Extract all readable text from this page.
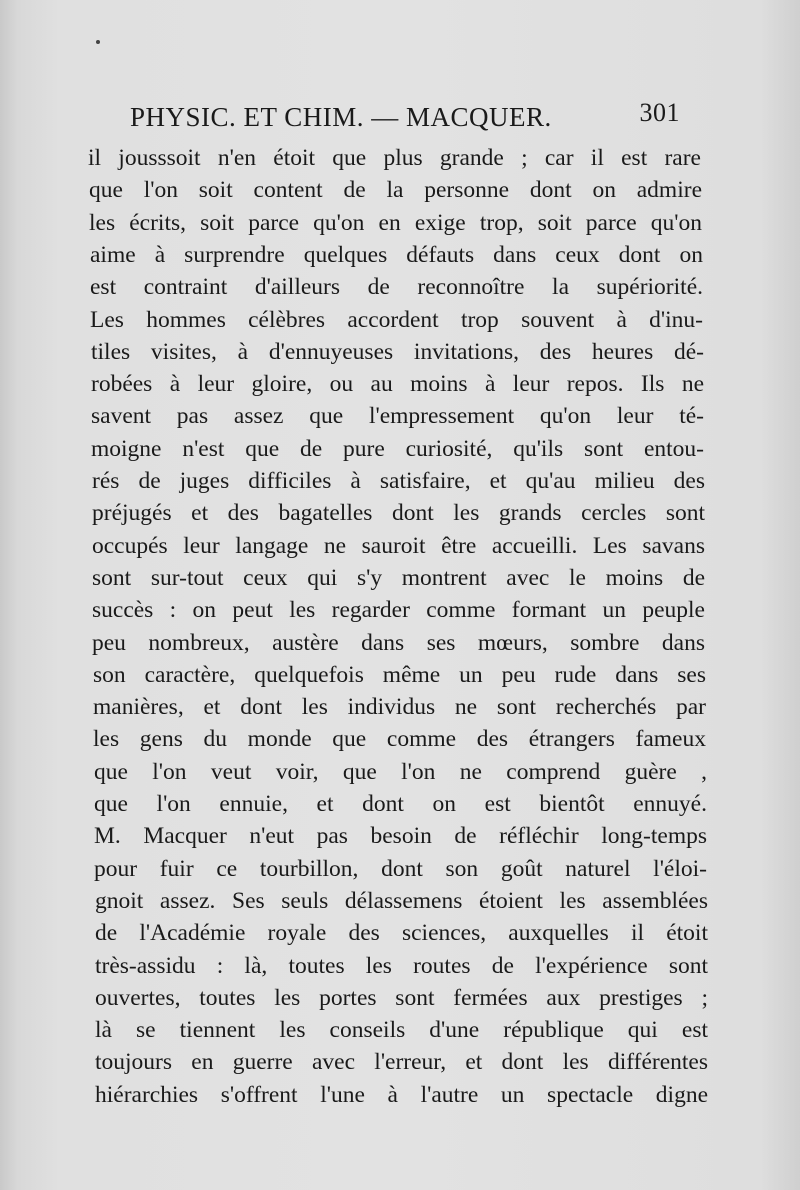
PHYSIC. ET CHIM. — MACQUER.	301
il jousssoit n'en étoit que plus grande ; car il est rare
que l'on soit content de la personne dont on admire
les écrits, soit parce qu'on en exige trop, soit parce qu'on
aime à surprendre quelques défauts dans ceux dont on
est contraint d'ailleurs de reconnoître la supériorité.
Les hommes célèbres accordent trop souvent à d'inu-
tiles visites, à d'ennuyeuses invitations, des heures dé-
robées à leur gloire, ou au moins à leur repos. Ils ne
savent pas assez que l'empressement qu'on leur té-
moigne n'est que de pure curiosité, qu'ils sont entou-
rés de juges difficiles à satisfaire, et qu'au milieu des
préjugés et des bagatelles dont les grands cercles sont
occupés leur langage ne sauroit être accueilli. Les savans
sont sur-tout ceux qui s'y montrent avec le moins de
succès : on peut les regarder comme formant un peuple
peu nombreux, austère dans ses mœurs, sombre dans
son caractère, quelquefois même un peu rude dans ses
manières, et dont les individus ne sont recherchés par
les gens du monde que comme des étrangers fameux
que l'on veut voir, que l'on ne comprend guère ,
que l'on ennuie, et dont on est bientôt ennuyé.
M. Macquer n'eut pas besoin de réfléchir long-temps
pour fuir ce tourbillon, dont son goût naturel l'éloi-
gnoit assez. Ses seuls délassemens étoient les assemblées
de l'Académie royale des sciences, auxquelles il étoit
très-assidu : là, toutes les routes de l'expérience sont
ouvertes, toutes les portes sont fermées aux prestiges ;
là se tiennent les conseils d'une république qui est
toujours en guerre avec l'erreur, et dont les différentes
hiérarchies s'offrent l'une à l'autre un spectacle digne
